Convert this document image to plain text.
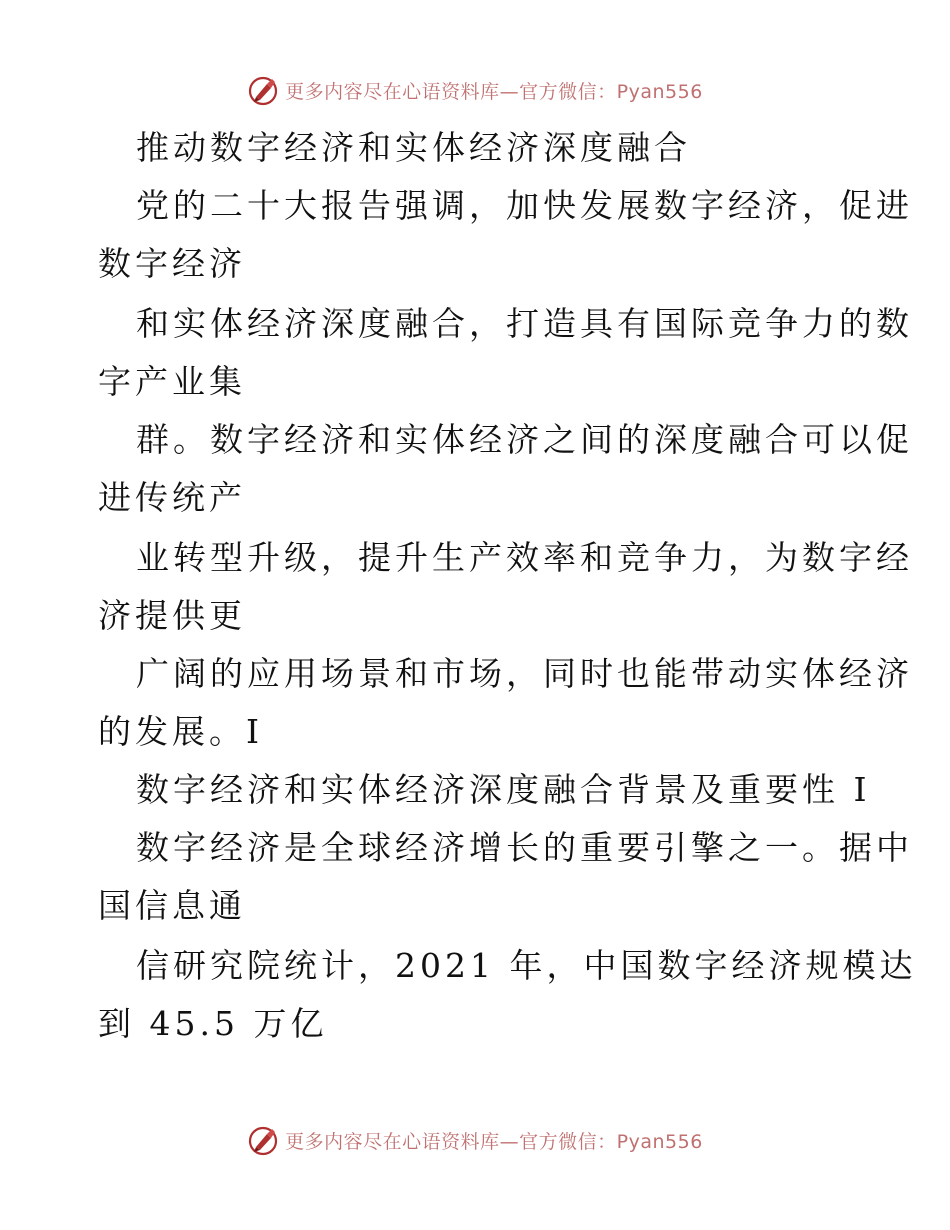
更多内容尽在心语资料库—官方微信：Pyan556
推动数字经济和实体经济深度融合
党的二十大报告强调，加快发展数字经济，促进
数字经济
和实体经济深度融合，打造具有国际竞争力的数
字产业集
群。数字经济和实体经济之间的深度融合可以促
进传统产
业转型升级，提升生产效率和竞争力，为数字经
济提供更
广阔的应用场景和市场，同时也能带动实体经济
的发展。I
数字经济和实体经济深度融合背景及重要性 I
数字经济是全球经济增长的重要引擎之一。据中
国信息通
信研究院统计，2021 年，中国数字经济规模达
到 45.5 万亿
更多内容尽在心语资料库—官方微信：Pyan556
